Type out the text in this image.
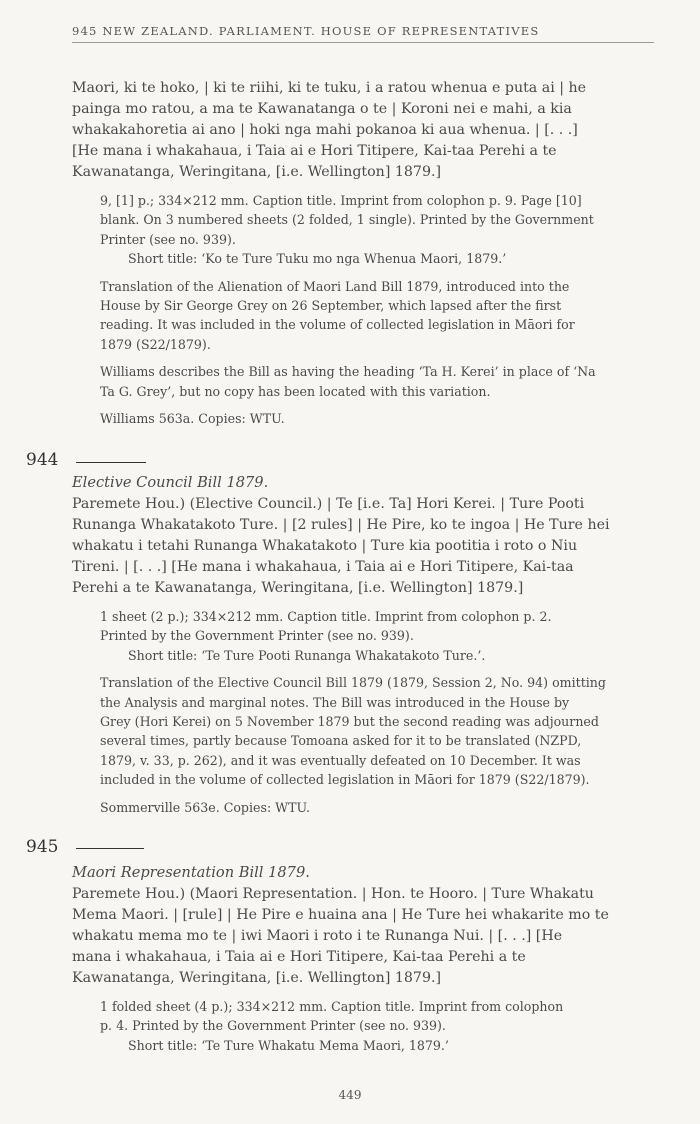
945 NEW ZEALAND. PARLIAMENT. HOUSE OF REPRESENTATIVES

Maori, ki te hoko, | ki te riihi, ki te tuku, i a ratou whenua e puta ai | he
painga mo ratou, a ma te Kawanatanga o te | Koroni nei e mahi, a kia
whakakahoretia ai ano | hoki nga mahi pokanoa ki aua whenua. | [. . .]
[He mana i whakahaua, i Taia ai e Hori Titipere, Kai-taa Perehi a te
Kawanatanga, Weringitana, [i.e. Wellington] 1879.]

9, [1] p.; 334×212 mm. Caption title. Imprint from colophon p. 9. Page [10]
blank. On 3 numbered sheets (2 folded, 1 single). Printed by the Government
Printer (see no. 939).

Short title: ‘Ko te Ture Tuku mo nga Whenua Maori, 1879.’

Translation of the Alienation of Maori Land Bill 1879, introduced into the
House by Sir George Grey on 26 September, which lapsed after the first
reading. It was included in the volume of collected legislation in Māori for
1879 (S22/1879).

Williams describes the Bill as having the heading ‘Ta H. Kerei’ in place of ‘Na
Ta G. Grey’, but no copy has been located with this variation.

Williams 563a. Copies: WTU.

944

Elective Council Bill 1879.

Paremete Hou.) (Elective Council.) | Te [i.e. Ta] Hori Kerei. | Ture Pooti
Runanga Whakatakoto Ture. | [2 rules] | He Pire, ko te ingoa | He Ture hei
whakatu i tetahi Runanga Whakatakoto | Ture kia pootitia i roto o Niu
Tireni. | [. . .] [He mana i whakahaua, i Taia ai e Hori Titipere, Kai-taa
Perehi a te Kawanatanga, Weringitana, [i.e. Wellington] 1879.]

1 sheet (2 p.); 334×212 mm. Caption title. Imprint from colophon p. 2.
Printed by the Government Printer (see no. 939).

Short title: ‘Te Ture Pooti Runanga Whakatakoto Ture.’.

Translation of the Elective Council Bill 1879 (1879, Session 2, No. 94) omitting
the Analysis and marginal notes. The Bill was introduced in the House by
Grey (Hori Kerei) on 5 November 1879 but the second reading was adjourned
several times, partly because Tomoana asked for it to be translated (NZPD,
1879, v. 33, p. 262), and it was eventually defeated on 10 December. It was
included in the volume of collected legislation in Māori for 1879 (S22/1879).

Sommerville 563e. Copies: WTU.

945

Maori Representation Bill 1879.

Paremete Hou.) (Maori Representation. | Hon. te Hooro. | Ture Whakatu
Mema Maori. | [rule] | He Pire e huaina ana | He Ture hei whakarite mo te
whakatu mema mo te | iwi Maori i roto i te Runanga Nui. | [. . .] [He
mana i whakahaua, i Taia ai e Hori Titipere, Kai-taa Perehi a te
Kawanatanga, Weringitana, [i.e. Wellington] 1879.]

1 folded sheet (4 p.); 334×212 mm. Caption title. Imprint from colophon
p. 4. Printed by the Government Printer (see no. 939).

Short title: ‘Te Ture Whakatu Mema Maori, 1879.’

449
